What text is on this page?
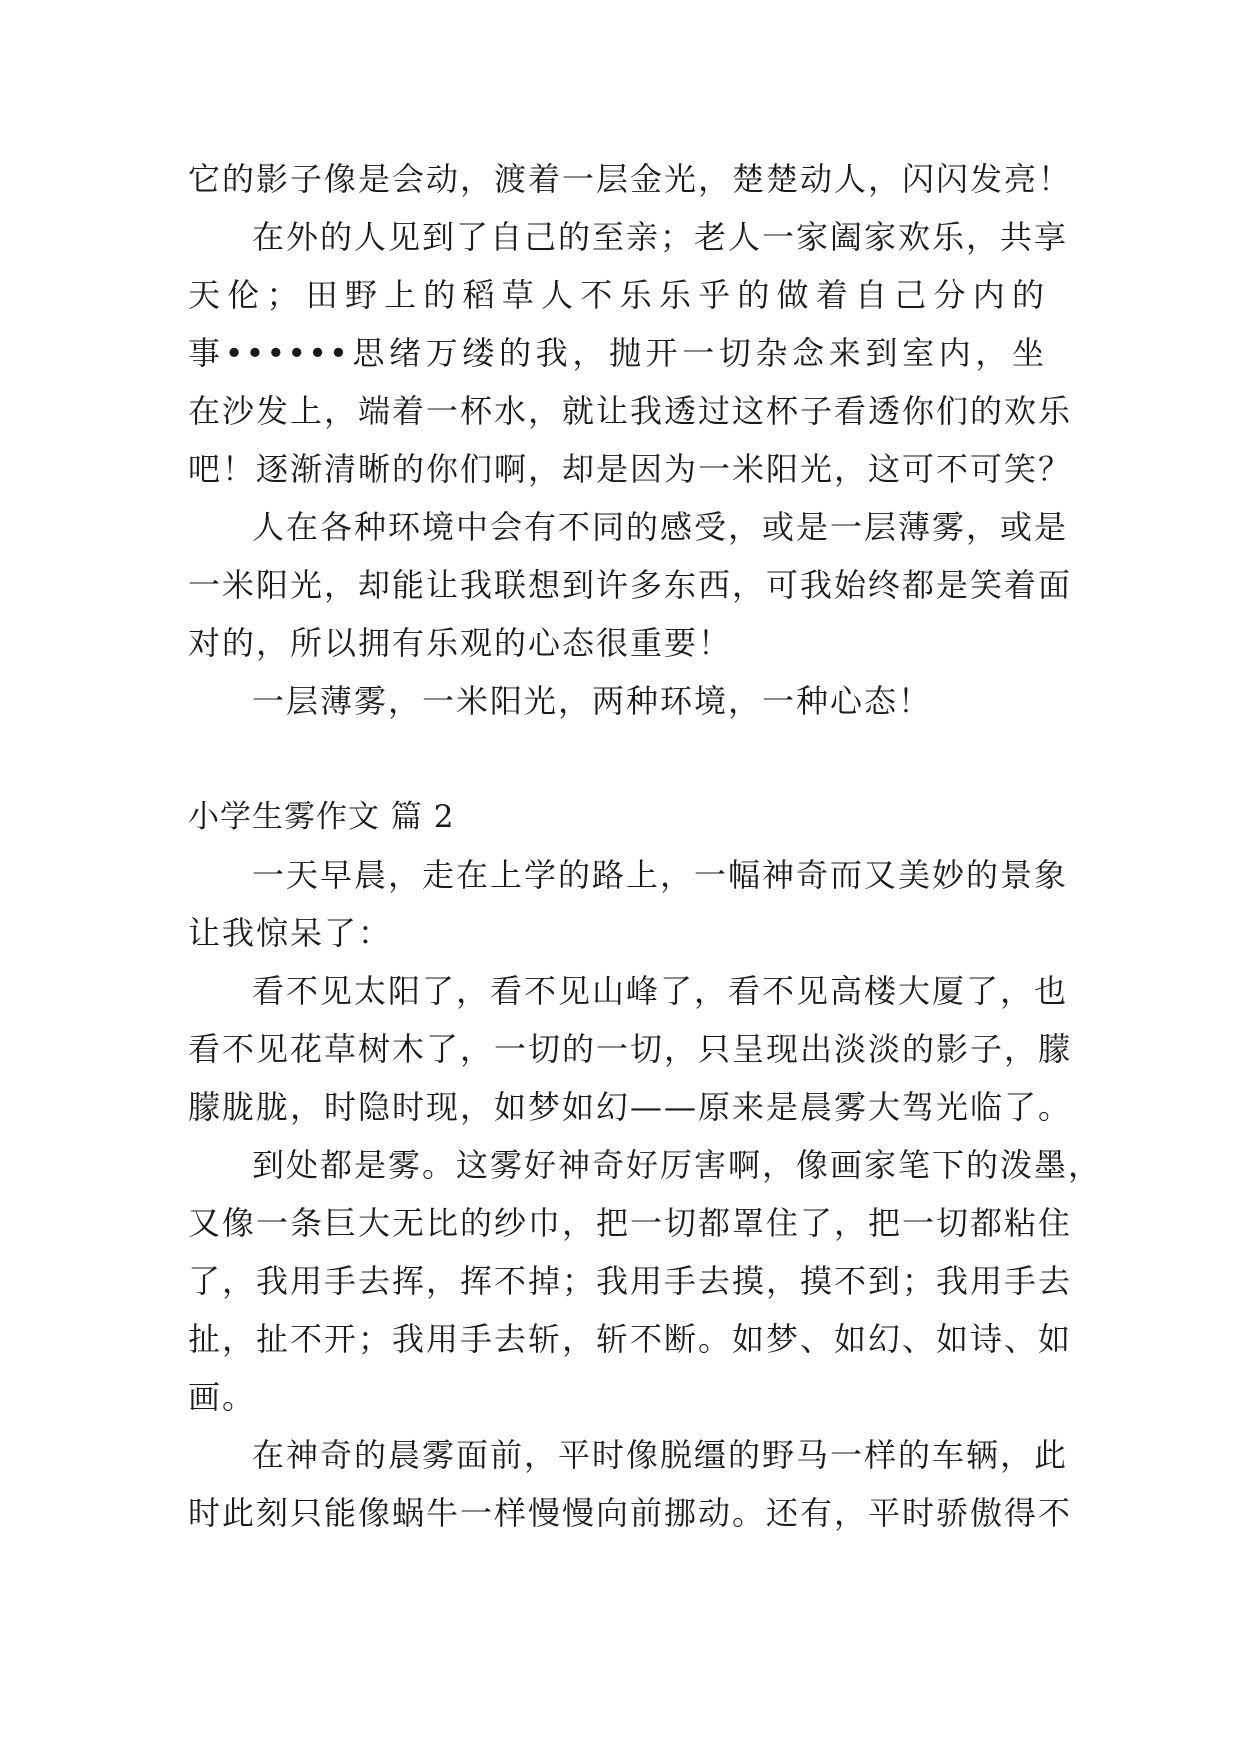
它的影子像是会动，渡着一层金光，楚楚动人，闪闪发亮！
在外的人见到了自己的至亲；老人一家阖家欢乐，共享
天伦；田野上的稻草人不乐乐乎的做着自己分内的
事••••••思绪万缕的我，抛开一切杂念来到室内，坐
在沙发上，端着一杯水，就让我透过这杯子看透你们的欢乐
吧！逐渐清晰的你们啊，却是因为一米阳光，这可不可笑？
人在各种环境中会有不同的感受，或是一层薄雾，或是
一米阳光，却能让我联想到许多东西，可我始终都是笑着面
对的，所以拥有乐观的心态很重要！
一层薄雾，一米阳光，两种环境，一种心态！
小学生雾作文 篇 2
一天早晨，走在上学的路上，一幅神奇而又美妙的景象
让我惊呆了：
看不见太阳了，看不见山峰了，看不见高楼大厦了，也
看不见花草树木了，一切的一切，只呈现出淡淡的影子，朦
朦胧胧，时隐时现，如梦如幻——原来是晨雾大驾光临了。
到处都是雾。这雾好神奇好厉害啊，像画家笔下的泼墨，
又像一条巨大无比的纱巾，把一切都罩住了，把一切都粘住
了，我用手去挥，挥不掉；我用手去摸，摸不到；我用手去
扯，扯不开；我用手去斩，斩不断。如梦、如幻、如诗、如
画。
在神奇的晨雾面前，平时像脱缰的野马一样的车辆，此
时此刻只能像蜗牛一样慢慢向前挪动。还有，平时骄傲得不
